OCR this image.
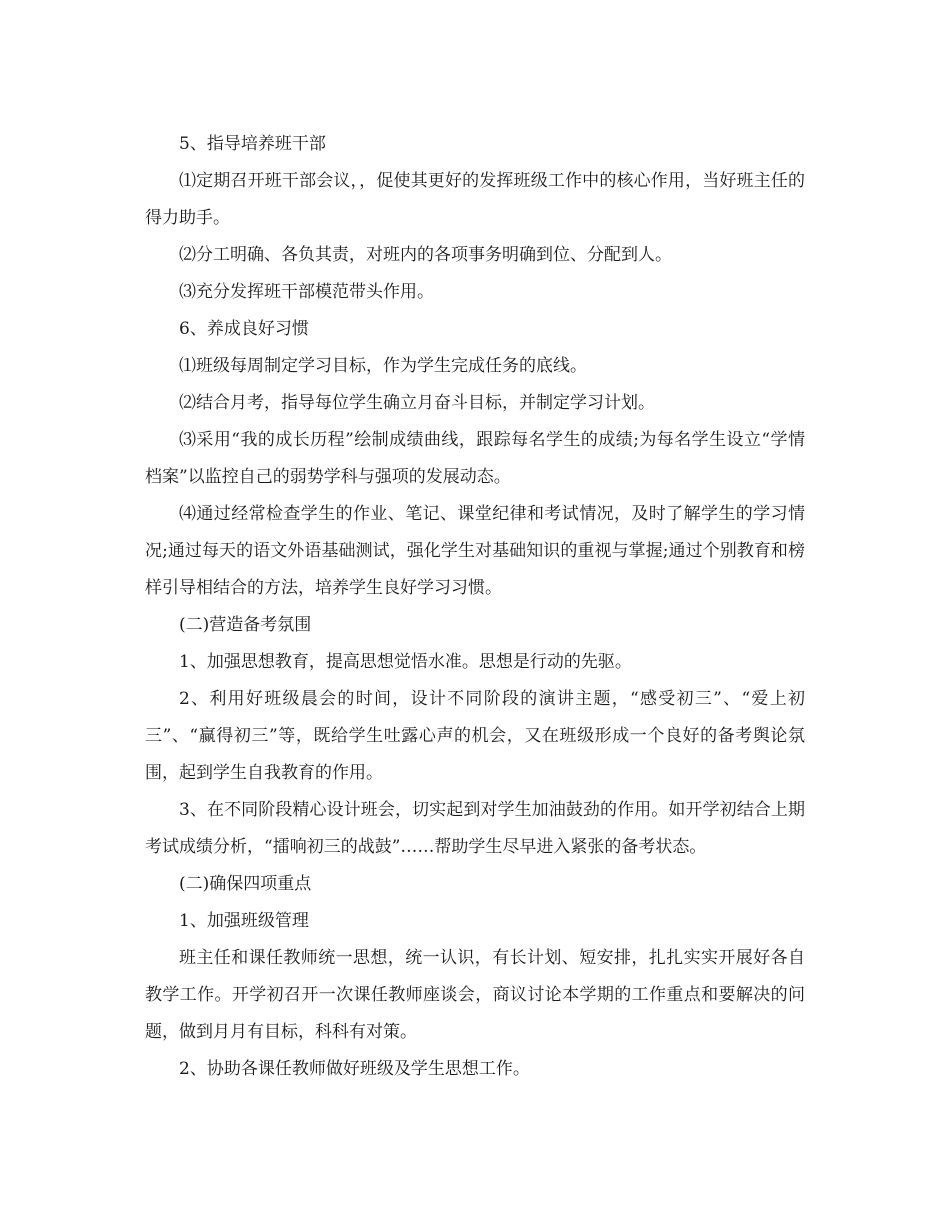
5、指导培养班干部

⑴定期召开班干部会议，，促使其更好的发挥班级工作中的核心作用，当好班主任的得力助手。

⑵分工明确、各负其责，对班内的各项事务明确到位、分配到人。

⑶充分发挥班干部模范带头作用。

6、养成良好习惯

⑴班级每周制定学习目标，作为学生完成任务的底线。

⑵结合月考，指导每位学生确立月奋斗目标，并制定学习计划。

⑶采用“我的成长历程”绘制成绩曲线，跟踪每名学生的成绩;为每名学生设立“学情档案”以监控自己的弱势学科与强项的发展动态。

⑷通过经常检查学生的作业、笔记、课堂纪律和考试情况，及时了解学生的学习情况;通过每天的语文外语基础测试，强化学生对基础知识的重视与掌握;通过个别教育和榜样引导相结合的方法，培养学生良好学习习惯。

(二)营造备考氛围

1、加强思想教育，提高思想觉悟水准。思想是行动的先驱。

2、利用好班级晨会的时间，设计不同阶段的演讲主题，“感受初三”、“爱上初三”、“赢得初三”等，既给学生吐露心声的机会，又在班级形成一个良好的备考舆论氛围，起到学生自我教育的作用。

3、在不同阶段精心设计班会，切实起到对学生加油鼓劲的作用。如开学初结合上期考试成绩分析，“擂响初三的战鼓”……帮助学生尽早进入紧张的备考状态。

(二)确保四项重点

1、加强班级管理

班主任和课任教师统一思想，统一认识，有长计划、短安排，扎扎实实开展好各自教学工作。开学初召开一次课任教师座谈会，商议讨论本学期的工作重点和要解决的问题，做到月月有目标，科科有对策。

2、协助各课任教师做好班级及学生思想工作。
